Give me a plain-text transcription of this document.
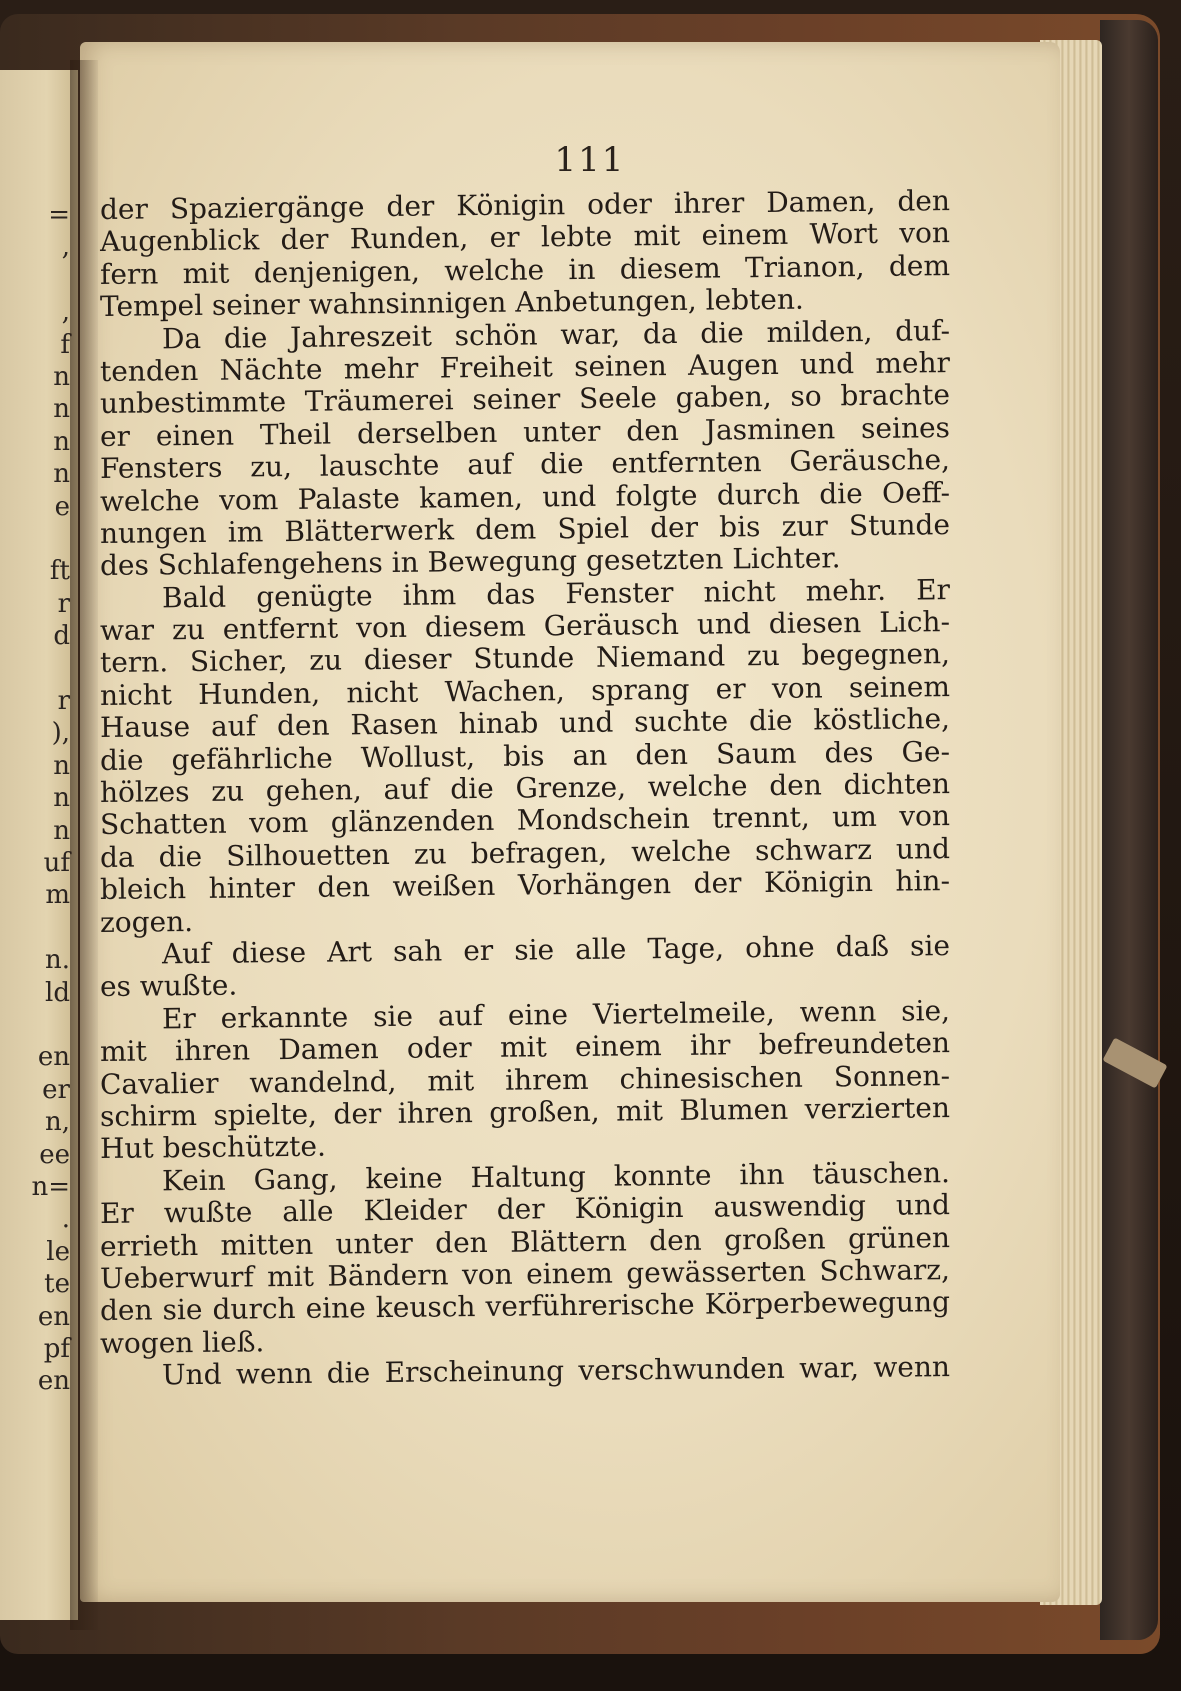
=
,
,
f
n
n
n
n
e
ft
r
d
r
),
n
n
n
uf
m
n.
ld
en
er
n,
ee
n=
.
le
te
en
pf
en
111
der Spaziergänge der Königin oder ihrer Damen, den
Augenblick der Runden, er lebte mit einem Wort von
fern mit denjenigen, welche in diesem Trianon, dem
Tempel seiner wahnsinnigen Anbetungen, lebten.
Da die Jahreszeit schön war, da die milden, duf-
tenden Nächte mehr Freiheit seinen Augen und mehr
unbestimmte Träumerei seiner Seele gaben, so brachte
er einen Theil derselben unter den Jasminen seines
Fensters zu, lauschte auf die entfernten Geräusche,
welche vom Palaste kamen, und folgte durch die Oeff-
nungen im Blätterwerk dem Spiel der bis zur Stunde
des Schlafengehens in Bewegung gesetzten Lichter.
Bald genügte ihm das Fenster nicht mehr. Er
war zu entfernt von diesem Geräusch und diesen Lich-
tern. Sicher, zu dieser Stunde Niemand zu begegnen,
nicht Hunden, nicht Wachen, sprang er von seinem
Hause auf den Rasen hinab und suchte die köstliche,
die gefährliche Wollust, bis an den Saum des Ge-
hölzes zu gehen, auf die Grenze, welche den dichten
Schatten vom glänzenden Mondschein trennt, um von
da die Silhouetten zu befragen, welche schwarz und
bleich hinter den weißen Vorhängen der Königin hin-
zogen.
Auf diese Art sah er sie alle Tage, ohne daß sie
es wußte.
Er erkannte sie auf eine Viertelmeile, wenn sie,
mit ihren Damen oder mit einem ihr befreundeten
Cavalier wandelnd, mit ihrem chinesischen Sonnen-
schirm spielte, der ihren großen, mit Blumen verzierten
Hut beschützte.
Kein Gang, keine Haltung konnte ihn täuschen.
Er wußte alle Kleider der Königin auswendig und
errieth mitten unter den Blättern den großen grünen
Ueberwurf mit Bändern von einem gewässerten Schwarz,
den sie durch eine keusch verführerische Körperbewegung
wogen ließ.
Und wenn die Erscheinung verschwunden war, wenn
